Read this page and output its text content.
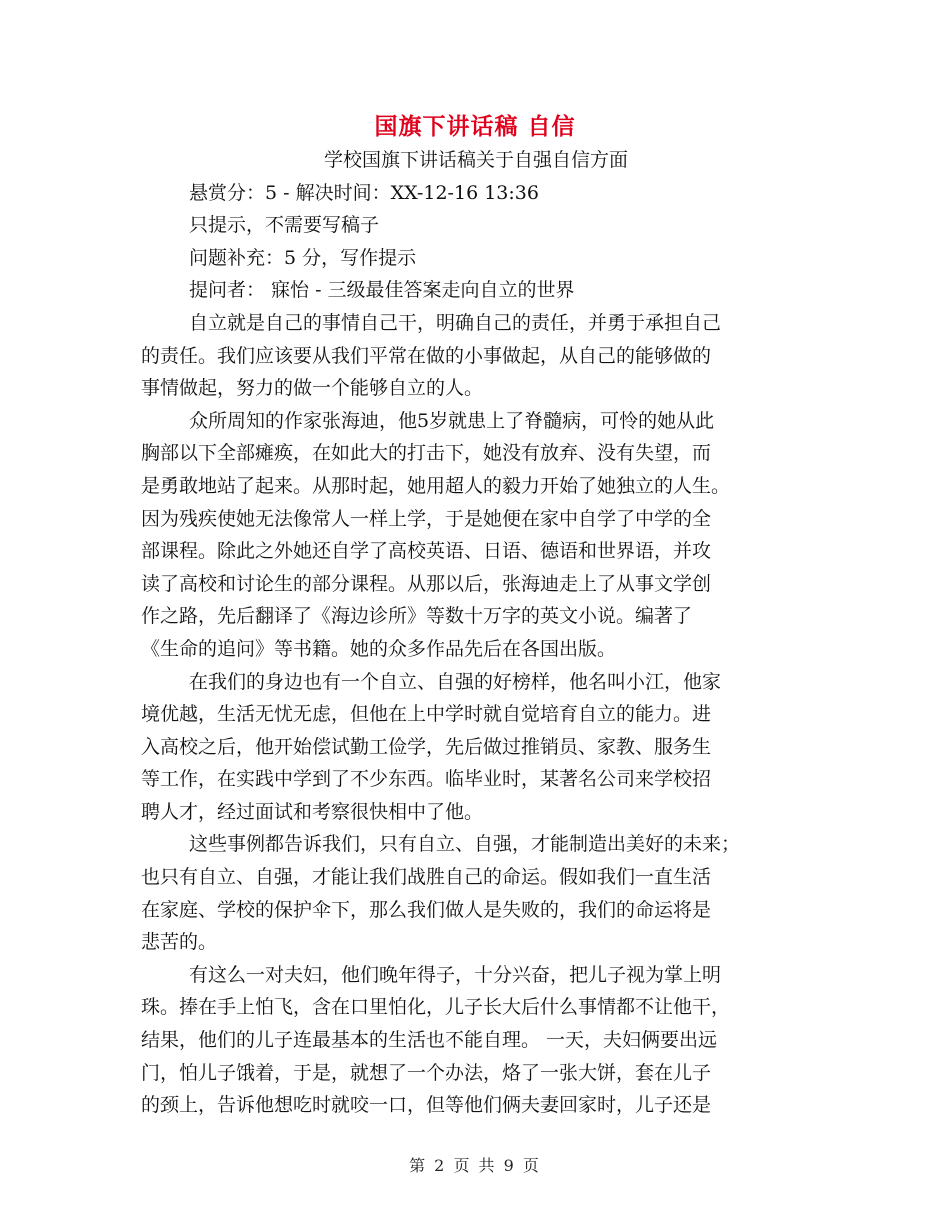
国旗下讲话稿 自信
学校国旗下讲话稿关于自强自信方面
悬赏分：5 - 解决时间：XX-12-16 13:36
只提示，不需要写稿子
问题补充：5 分，写作提示
提问者： 寐怡 - 三级最佳答案走向自立的世界
自立就是自己的事情自己干，明确自己的责任，并勇于承担自己
的责任。我们应该要从我们平常在做的小事做起，从自己的能够做的
事情做起，努力的做一个能够自立的人。
众所周知的作家张海迪，他5岁就患上了脊髓病，可怜的她从此
胸部以下全部瘫痪，在如此大的打击下，她没有放弃、没有失望，而
是勇敢地站了起来。从那时起，她用超人的毅力开始了她独立的人生。
因为残疾使她无法像常人一样上学，于是她便在家中自学了中学的全
部课程。除此之外她还自学了高校英语、日语、德语和世界语，并攻
读了高校和讨论生的部分课程。从那以后，张海迪走上了从事文学创
作之路，先后翻译了《海边诊所》等数十万字的英文小说。编著了
《生命的追问》等书籍。她的众多作品先后在各国出版。
在我们的身边也有一个自立、自强的好榜样，他名叫小江，他家
境优越，生活无忧无虑，但他在上中学时就自觉培育自立的能力。进
入高校之后，他开始偿试勤工俭学，先后做过推销员、家教、服务生
等工作，在实践中学到了不少东西。临毕业时，某著名公司来学校招
聘人才，经过面试和考察很快相中了他。
这些事例都告诉我们，只有自立、自强，才能制造出美好的未来；
也只有自立、自强，才能让我们战胜自己的命运。假如我们一直生活
在家庭、学校的保护伞下，那么我们做人是失败的，我们的命运将是
悲苦的。
有这么一对夫妇，他们晚年得子，十分兴奋，把儿子视为掌上明
珠。捧在手上怕飞，含在口里怕化，儿子长大后什么事情都不让他干，
结果，他们的儿子连最基本的生活也不能自理。 一天，夫妇俩要出远
门，怕儿子饿着，于是，就想了一个办法，烙了一张大饼，套在儿子
的颈上，告诉他想吃时就咬一口，但等他们俩夫妻回家时，儿子还是
第 2 页 共 9 页
